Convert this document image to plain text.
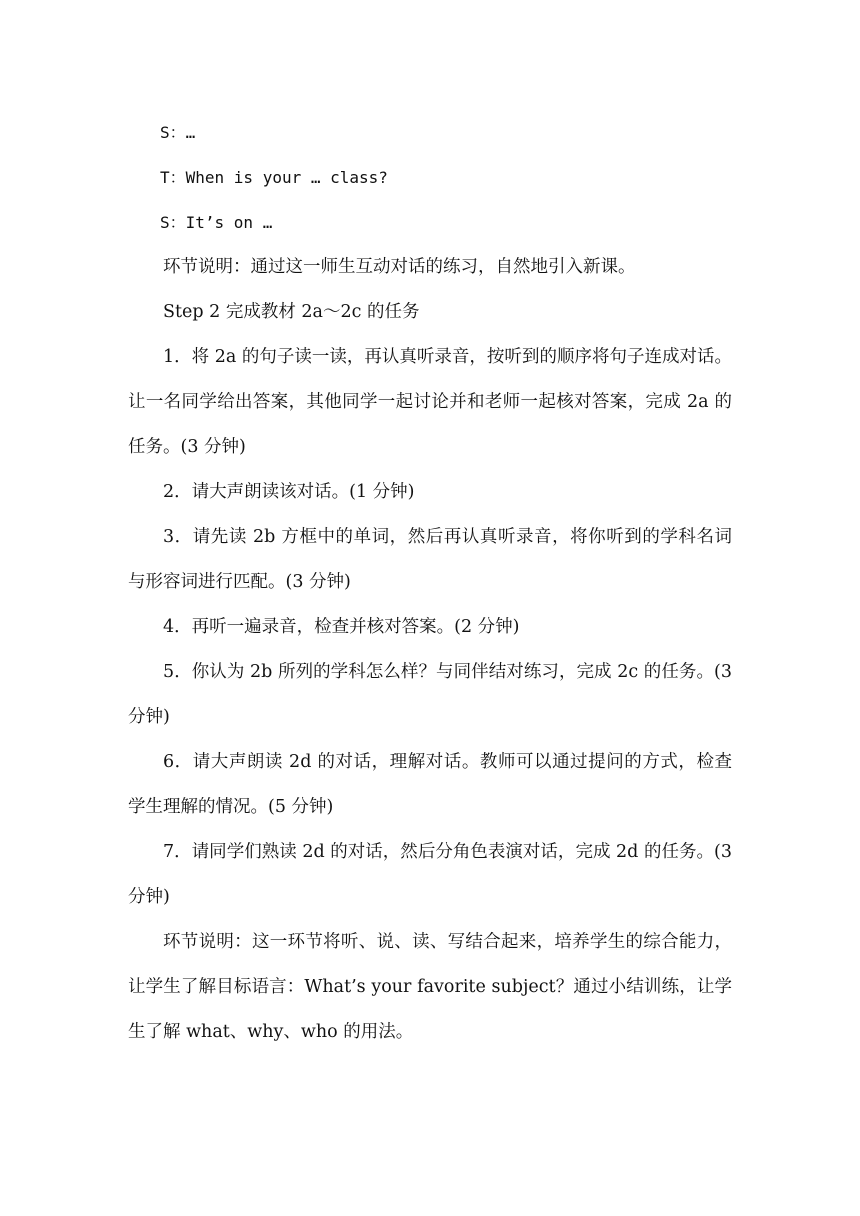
S：…

T：When is your … class?

S：It’s on …

环节说明：通过这一师生互动对话的练习，自然地引入新课。

Step 2 完成教材 2a～2c 的任务

1．将 2a 的句子读一读，再认真听录音，按听到的顺序将句子连成对话。让一名同学给出答案，其他同学一起讨论并和老师一起核对答案，完成 2a 的任务。(3 分钟)

2．请大声朗读该对话。(1 分钟)

3．请先读 2b 方框中的单词，然后再认真听录音，将你听到的学科名词与形容词进行匹配。(3 分钟)

4．再听一遍录音，检查并核对答案。(2 分钟)

5．你认为 2b 所列的学科怎么样？与同伴结对练习，完成 2c 的任务。(3 分钟)

6．请大声朗读 2d 的对话，理解对话。教师可以通过提问的方式，检查学生理解的情况。(5 分钟)

7．请同学们熟读 2d 的对话，然后分角色表演对话，完成 2d 的任务。(3 分钟)

环节说明：这一环节将听、说、读、写结合起来，培养学生的综合能力，让学生了解目标语言：What’s your favorite subject？通过小结训练，让学生了解 what、why、who 的用法。
